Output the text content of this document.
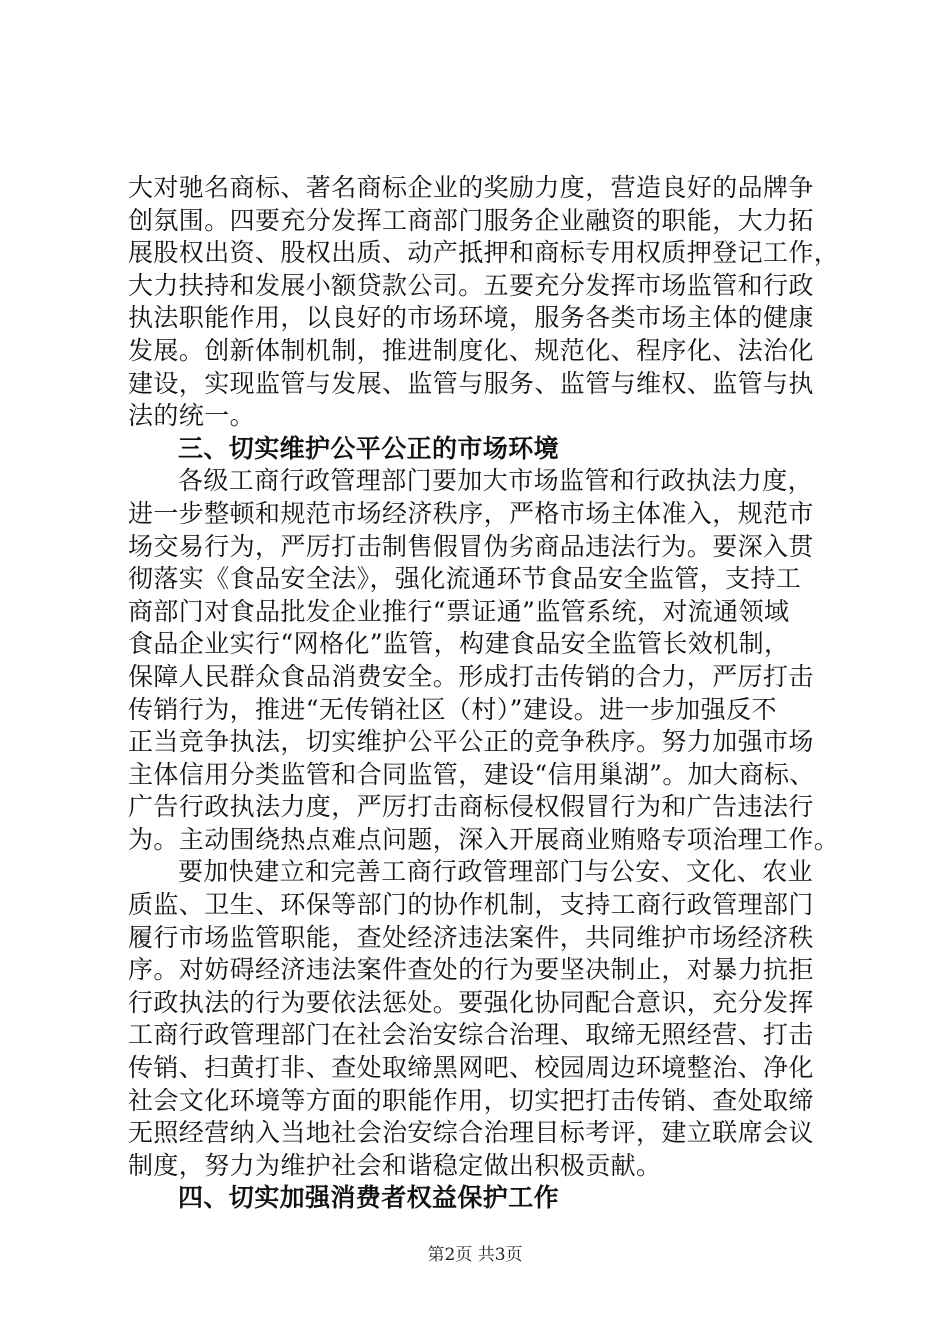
大对驰名商标、著名商标企业的奖励力度，营造良好的品牌争
创氛围。四要充分发挥工商部门服务企业融资的职能，大力拓
展股权出资、股权出质、动产抵押和商标专用权质押登记工作，
大力扶持和发展小额贷款公司。五要充分发挥市场监管和行政
执法职能作用，以良好的市场环境，服务各类市场主体的健康
发展。创新体制机制，推进制度化、规范化、程序化、法治化
建设，实现监管与发展、监管与服务、监管与维权、监管与执
法的统一。
三、切实维护公平公正的市场环境
各级工商行政管理部门要加大市场监管和行政执法力度，
进一步整顿和规范市场经济秩序，严格市场主体准入，规范市
场交易行为，严厉打击制售假冒伪劣商品违法行为。要深入贯
彻落实《食品安全法》，强化流通环节食品安全监管，支持工
商部门对食品批发企业推行“票证通”监管系统，对流通领域
食品企业实行“网格化”监管，构建食品安全监管长效机制，
保障人民群众食品消费安全。形成打击传销的合力，严厉打击
传销行为，推进“无传销社区（村）”建设。进一步加强反不
正当竞争执法，切实维护公平公正的竞争秩序。努力加强市场
主体信用分类监管和合同监管，建设“信用巢湖”。加大商标、
广告行政执法力度，严厉打击商标侵权假冒行为和广告违法行
为。主动围绕热点难点问题，深入开展商业贿赂专项治理工作。
要加快建立和完善工商行政管理部门与公安、文化、农业
质监、卫生、环保等部门的协作机制，支持工商行政管理部门
履行市场监管职能，查处经济违法案件，共同维护市场经济秩
序。对妨碍经济违法案件查处的行为要坚决制止，对暴力抗拒
行政执法的行为要依法惩处。要强化协同配合意识，充分发挥
工商行政管理部门在社会治安综合治理、取缔无照经营、打击
传销、扫黄打非、查处取缔黑网吧、校园周边环境整治、净化
社会文化环境等方面的职能作用，切实把打击传销、查处取缔
无照经营纳入当地社会治安综合治理目标考评，建立联席会议
制度，努力为维护社会和谐稳定做出积极贡献。
四、切实加强消费者权益保护工作
第2页 共3页
